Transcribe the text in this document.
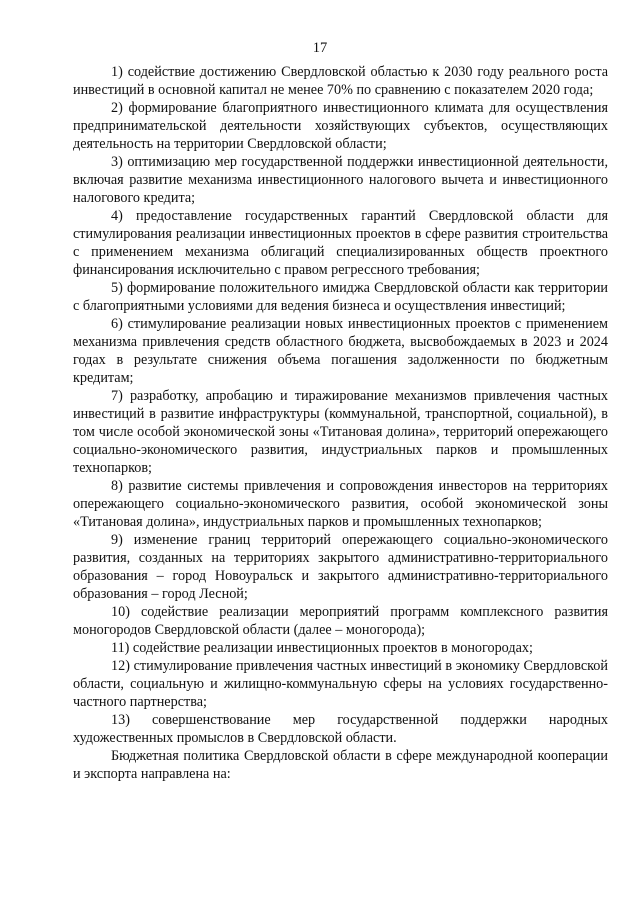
17

1) содействие достижению Свердловской областью к 2030 году реального роста инвестиций в основной капитал не менее 70% по сравнению с показателем 2020 года;

2) формирование благоприятного инвестиционного климата для осуществления предпринимательской деятельности хозяйствующих субъектов, осуществляющих деятельность на территории Свердловской области;

3) оптимизацию мер государственной поддержки инвестиционной деятельности, включая развитие механизма инвестиционного налогового вычета и инвестиционного налогового кредита;

4) предоставление государственных гарантий Свердловской области для стимулирования реализации инвестиционных проектов в сфере развития строительства с применением механизма облигаций специализированных обществ проектного финансирования исключительно с правом регрессного требования;

5) формирование положительного имиджа Свердловской области как территории с благоприятными условиями для ведения бизнеса и осуществления инвестиций;

6) стимулирование реализации новых инвестиционных проектов с применением механизма привлечения средств областного бюджета, высвобождаемых в 2023 и 2024 годах в результате снижения объема погашения задолженности по бюджетным кредитам;

7) разработку, апробацию и тиражирование механизмов привлечения частных инвестиций в развитие инфраструктуры (коммунальной, транспортной, социальной), в том числе особой экономической зоны «Титановая долина», территорий опережающего социально-экономического развития, индустриальных парков и промышленных технопарков;

8) развитие системы привлечения и сопровождения инвесторов на территориях опережающего социально-экономического развития, особой экономической зоны «Титановая долина», индустриальных парков и промышленных технопарков;

9) изменение границ территорий опережающего социально-экономического развития, созданных на территориях закрытого административно-территориального образования – город Новоуральск и закрытого административно-территориального образования – город Лесной;

10) содействие реализации мероприятий программ комплексного развития моногородов Свердловской области (далее – моногорода);

11) содействие реализации инвестиционных проектов в моногородах;

12) стимулирование привлечения частных инвестиций в экономику Свердловской области, социальную и жилищно-коммунальную сферы на условиях государственно-частного партнерства;

13) совершенствование мер государственной поддержки народных художественных промыслов в Свердловской области.

Бюджетная политика Свердловской области в сфере международной кооперации и экспорта направлена на:
